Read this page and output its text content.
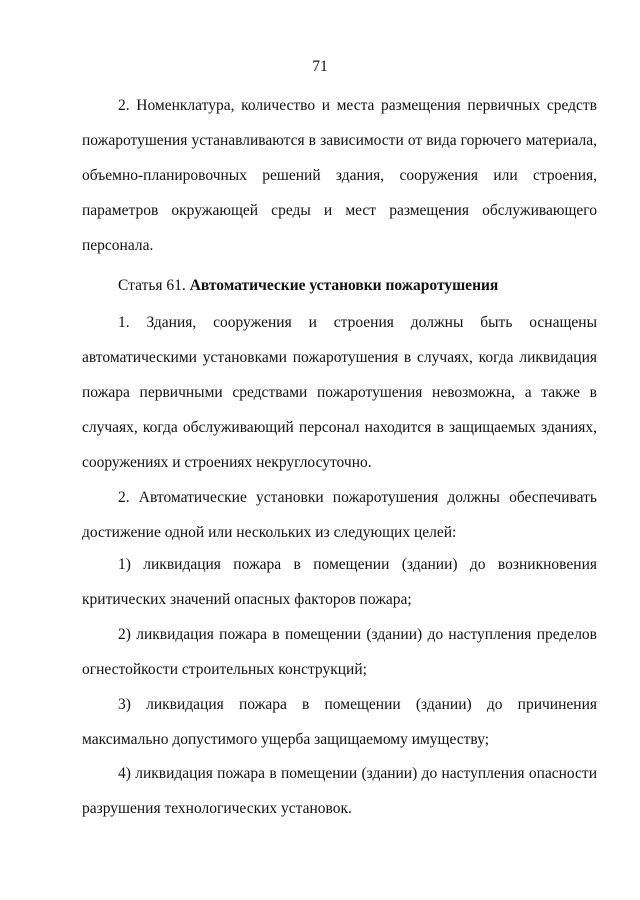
71
2. Номенклатура, количество и места размещения первичных средств
пожаротушения устанавливаются в зависимости от вида горючего материала,
объемно-планировочных решений здания, сооружения или строения,
параметров окружающей среды и мест размещения обслуживающего
персонала.
Статья 61. Автоматические установки пожаротушения
1. Здания, сооружения и строения должны быть оснащены
автоматическими установками пожаротушения в случаях, когда ликвидация
пожара первичными средствами пожаротушения невозможна, а также в
случаях, когда обслуживающий персонал находится в защищаемых зданиях,
сооружениях и строениях некруглосуточно.
2. Автоматические установки пожаротушения должны обеспечивать
достижение одной или нескольких из следующих целей:
1) ликвидация пожара в помещении (здании) до возникновения
критических значений опасных факторов пожара;
2) ликвидация пожара в помещении (здании) до наступления пределов
огнестойкости строительных конструкций;
3) ликвидация пожара в помещении (здании) до причинения
максимально допустимого ущерба защищаемому имуществу;
4) ликвидация пожара в помещении (здании) до наступления опасности
разрушения технологических установок.
